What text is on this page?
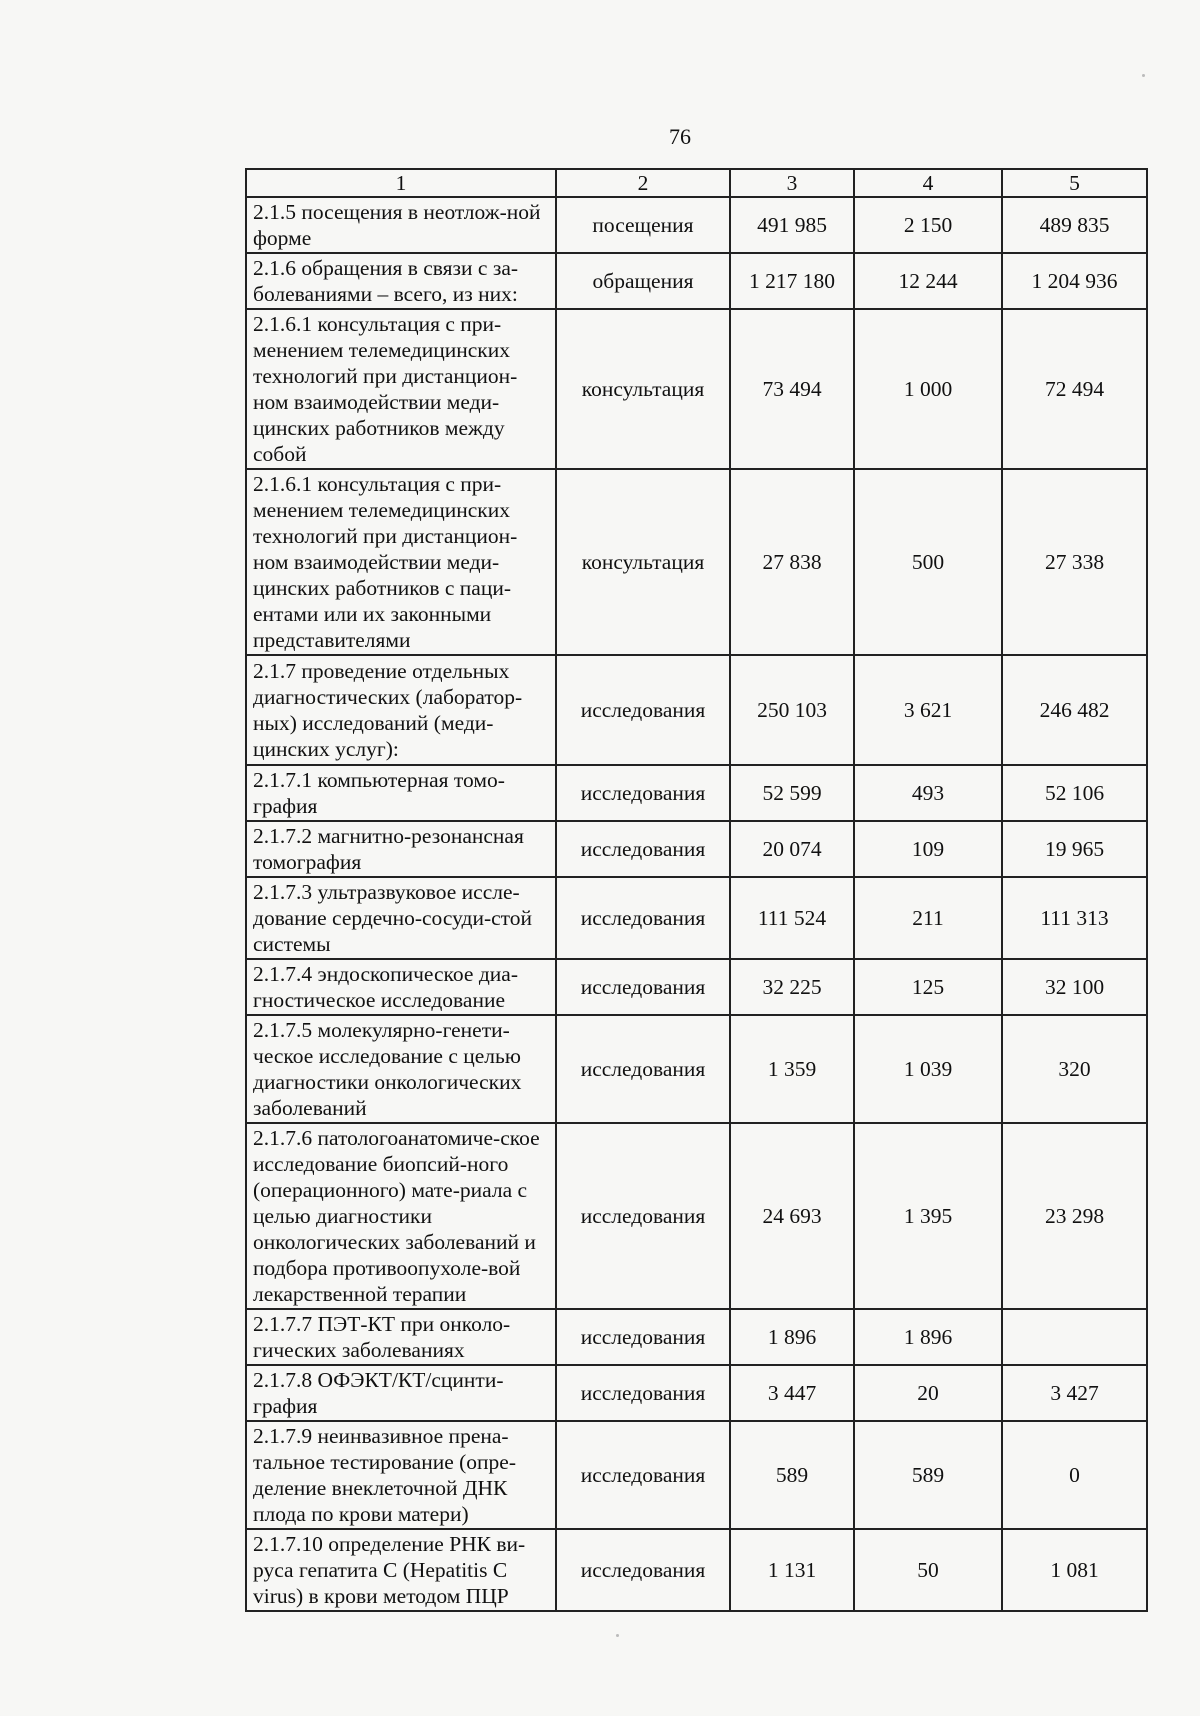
76
1	2	3	4	5
2.1.5 посещения в неотлож-ной форме	посещения	491 985	2 150	489 835
2.1.6 обращения в связи с за-болеваниями – всего, из них:	обращения	1 217 180	12 244	1 204 936
2.1.6.1 консультация с при-менением телемедицинских технологий при дистанцион-ном взаимодействии меди-цинских работников между собой	консультация	73 494	1 000	72 494
2.1.6.1 консультация с при-менением телемедицинских технологий при дистанцион-ном взаимодействии меди-цинских работников с паци-ентами или их законными представителями	консультация	27 838	500	27 338
2.1.7 проведение отдельных диагностических (лаборатор-ных) исследований (меди-цинских услуг):	исследования	250 103	3 621	246 482
2.1.7.1 компьютерная томо-графия	исследования	52 599	493	52 106
2.1.7.2 магнитно-резонансная томография	исследования	20 074	109	19 965
2.1.7.3 ультразвуковое иссле-дование сердечно-сосуди-стой системы	исследования	111 524	211	111 313
2.1.7.4 эндоскопическое диа-гностическое исследование	исследования	32 225	125	32 100
2.1.7.5 молекулярно-генети-ческое исследование с целью диагностики онкологических заболеваний	исследования	1 359	1 039	320
2.1.7.6 патологоанатомиче-ское исследование биопсий-ного (операционного) мате-риала с целью диагностики онкологических заболеваний и подбора противоопухоле-вой лекарственной терапии	исследования	24 693	1 395	23 298
2.1.7.7 ПЭТ-КТ при онколо-гических заболеваниях	исследования	1 896	1 896	
2.1.7.8 ОФЭКТ/КТ/сцинти-графия	исследования	3 447	20	3 427
2.1.7.9 неинвазивное прена-тальное тестирование (опре-деление внеклеточной ДНК плода по крови матери)	исследования	589	589	0
2.1.7.10 определение РНК ви-руса гепатита C (Hepatitis C virus) в крови методом ПЦР	исследования	1 131	50	1 081
